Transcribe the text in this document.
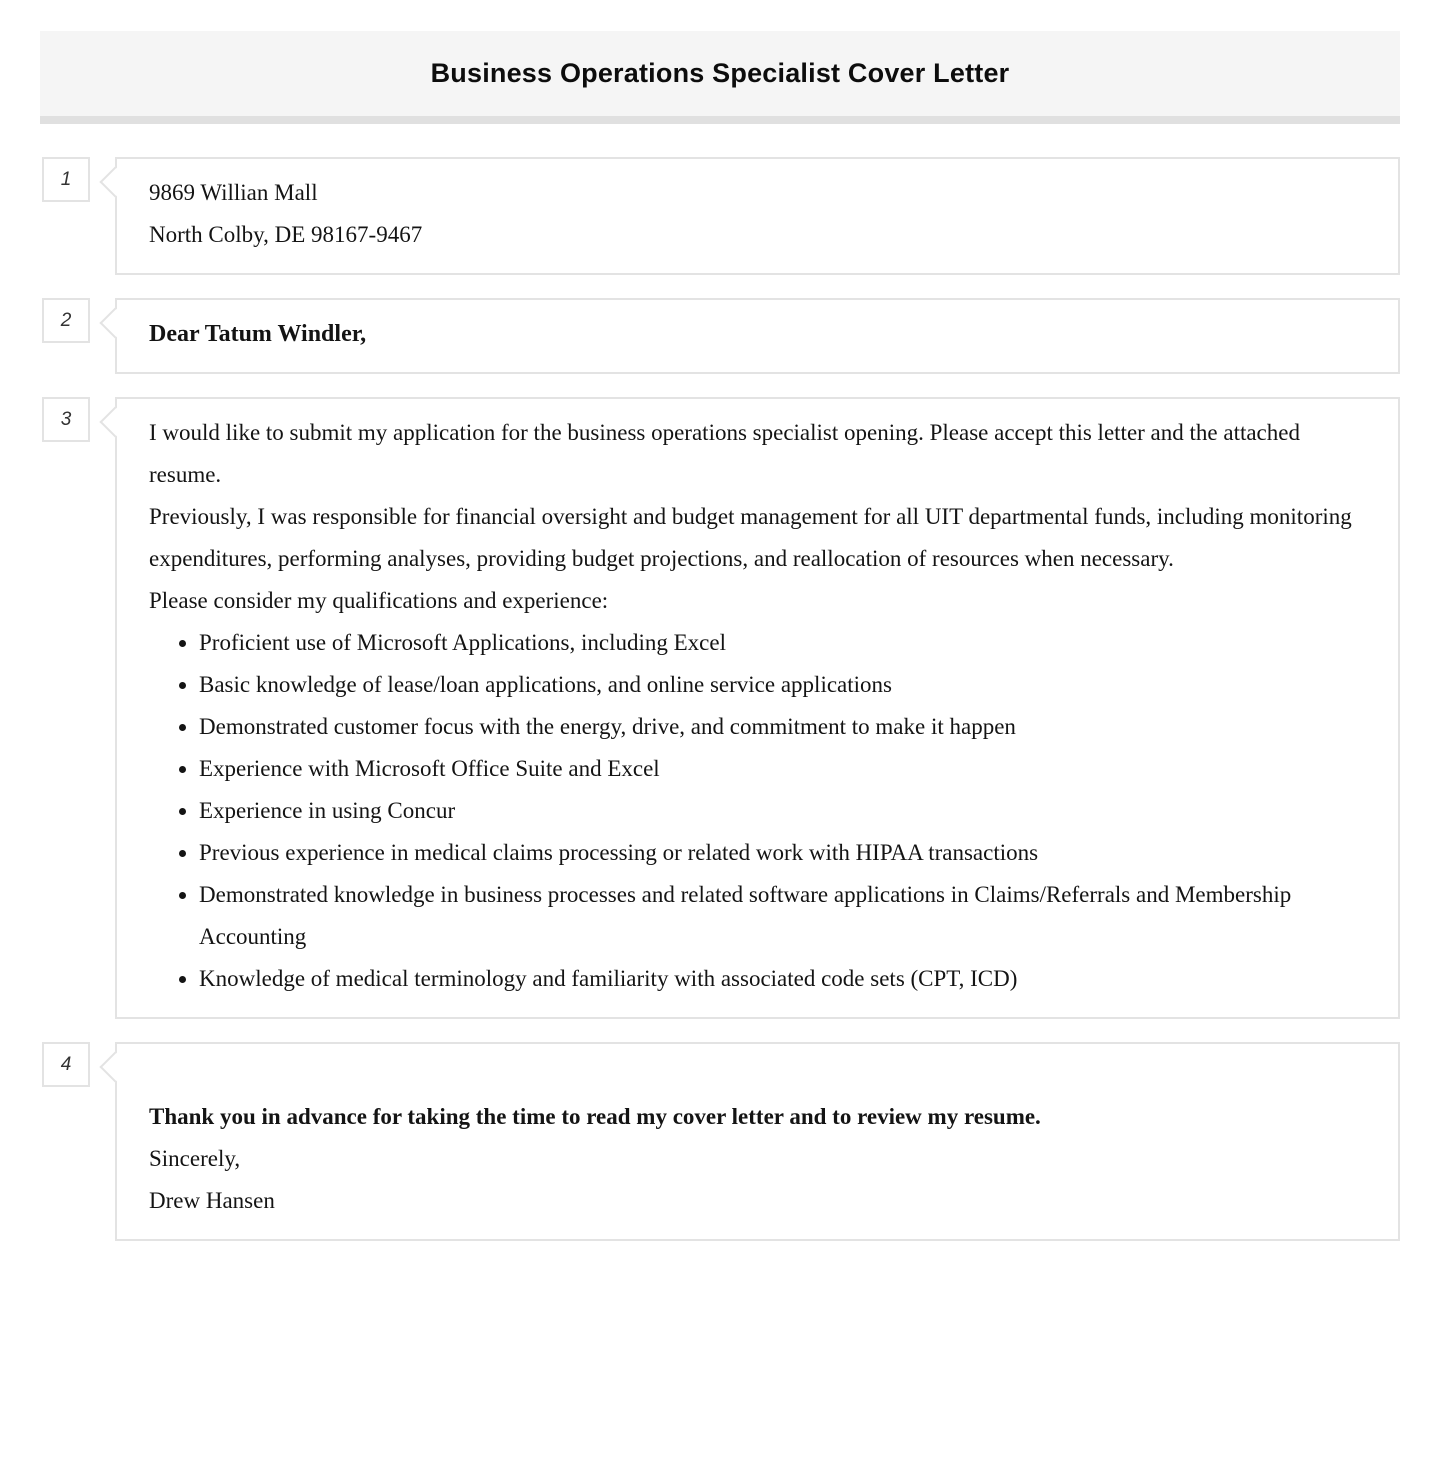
Business Operations Specialist Cover Letter
1
9869 Willian Mall
North Colby, DE 98167-9467
2
Dear Tatum Windler,
3

I would like to submit my application for the business operations specialist opening. Please accept this letter and the attached resume.

Previously, I was responsible for financial oversight and budget management for all UIT departmental funds, including monitoring expenditures, performing analyses, providing budget projections, and reallocation of resources when necessary.

Please consider my qualifications and experience:

• Proficient use of Microsoft Applications, including Excel
• Basic knowledge of lease/loan applications, and online service applications
• Demonstrated customer focus with the energy, drive, and commitment to make it happen
• Experience with Microsoft Office Suite and Excel
• Experience in using Concur
• Previous experience in medical claims processing or related work with HIPAA transactions
• Demonstrated knowledge in business processes and related software applications in Claims/Referrals and Membership Accounting
• Knowledge of medical terminology and familiarity with associated code sets (CPT, ICD)
4
Thank you in advance for taking the time to read my cover letter and to review my resume.
Sincerely,
Drew Hansen
